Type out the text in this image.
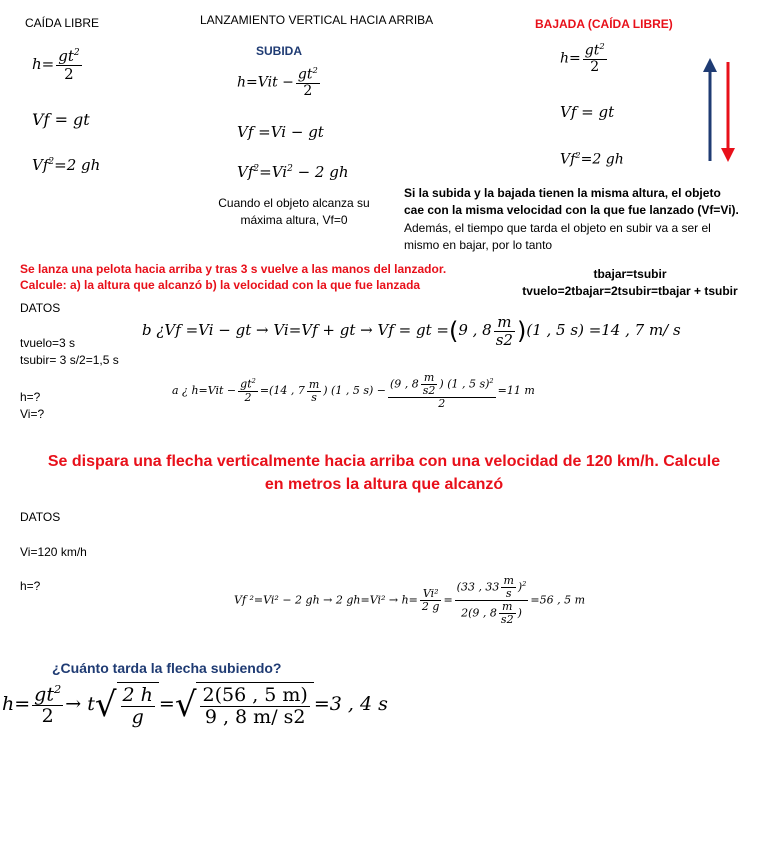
CAÍDA LIBRE
$h= \frac{gt^2}{2}$
Vf = gt
$Vf^2=2$ gh
LANZAMIENTO VERTICAL HACIA ARRIBA
SUBIDA
$h=Vit - \frac{gt^2}{2}$
Vf =Vi − gt
$Vf^2=Vi^2 - 2$ gh
Cuando el objeto alcanza su
máxima altura, Vf=0
BAJADA (CAÍDA LIBRE)
$h= \frac{gt^2}{2}$
Vf = gt
$Vf^2=2$ gh
Si la subida y la bajada tienen la misma altura, el objeto
cae con la misma velocidad con la que fue lanzado (Vf=Vi).
Además, el tiempo que tarda el objeto en subir va a ser el
mismo en bajar, por lo tanto
tbajar=tsubir
tvuelo=2tbajar=2tsubir=tbajar + tsubir
Se lanza una pelota hacia arriba y tras 3 s vuelve a las manos del lanzador.
Calcule: a) la altura que alcanzó b) la velocidad con la que fue lanzada
DATOS
tvuelo=3 s
tsubir= 3 s/2=1,5 s
h=?
Vi=?
b ¿Vf =Vi − gt → Vi=Vf + gt → Vf = gt =(9 , $8 \frac{m}{s2} )(1$ , 5 s) =14 , 7 m/ s
a ¿ $h=Vit - \frac{gt^2}{2} =(14$ , $7 \frac{m}{s}$ ) (1 , 5 $s) - \frac{(9 , 8 \frac{m}{s2} ) (1 , 5 s)^2}{2} =11$ m
Se dispara una flecha verticalmente hacia arriba con una velocidad de 120 km/h. Calcule
en metros la altura que alcanzó
DATOS
Vi=120 km/h
h=?
Vf ²=Vi² − 2 gh → 2 $gh=Vi^2 \to h= \frac{\text{Vi²}}{2 g} = \frac{(33 , 33 \frac{m}{s} )^2}{2(9 , 8 \frac{m}{s2} )} =56$ , 5 m
¿Cuánto tarda la flecha subiendo?
$h= \frac{gt^2}{2} \to t√ \frac{2 h}{g}$ =√ $\frac{2(56 , 5 m)}{9 , 8 m/ s2} =3$ , 4 s
